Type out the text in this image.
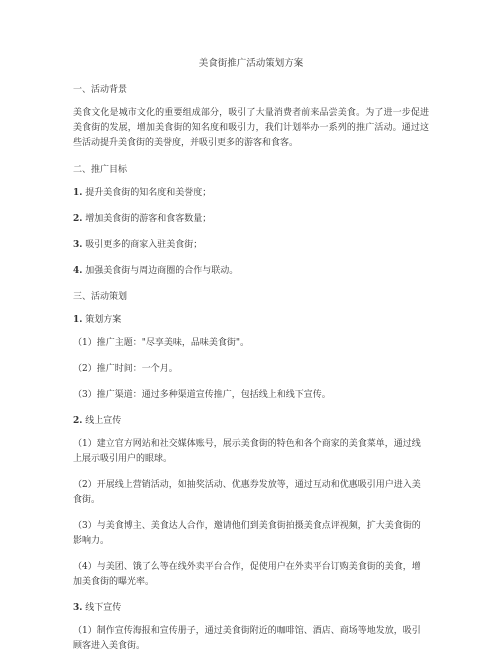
美食街推广活动策划方案
一、活动背景
美食文化是城市文化的重要组成部分，吸引了大量消费者前来品尝美食。为了进一步促进美食街的发展，增加美食街的知名度和吸引力，我们计划举办一系列的推广活动。通过这些活动提升美食街的美誉度，并吸引更多的游客和食客。
二、推广目标
1. 提升美食街的知名度和美誉度；
2. 增加美食街的游客和食客数量；
3. 吸引更多的商家入驻美食街；
4. 加强美食街与周边商圈的合作与联动。
三、活动策划
1. 策划方案
（1）推广主题："尽享美味，品味美食街"。
（2）推广时间：一个月。
（3）推广渠道：通过多种渠道宣传推广，包括线上和线下宣传。
2. 线上宣传
（1）建立官方网站和社交媒体账号，展示美食街的特色和各个商家的美食菜单，通过线上展示吸引用户的眼球。
（2）开展线上营销活动，如抽奖活动、优惠券发放等，通过互动和优惠吸引用户进入美食街。
（3）与美食博主、美食达人合作，邀请他们到美食街拍摄美食点评视频，扩大美食街的影响力。
（4）与美团、饿了么等在线外卖平台合作，促使用户在外卖平台订购美食街的美食，增加美食街的曝光率。
3. 线下宣传
（1）制作宣传海报和宣传册子，通过美食街附近的咖啡馆、酒店、商场等地发放，吸引顾客进入美食街。
